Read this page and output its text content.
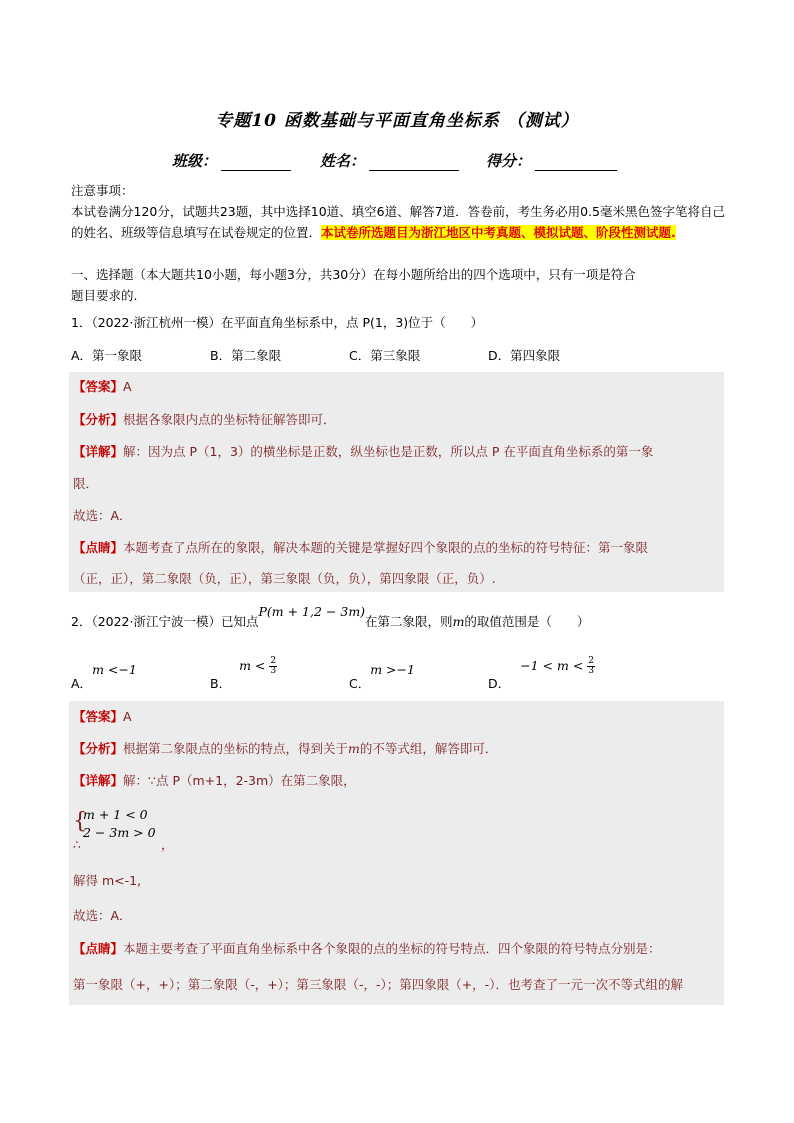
专题10 函数基础与平面直角坐标系 （测试）
班级：	姓名：	得分：
注意事项：
本试卷满分120分，试题共23题，其中选择10道、填空6道、解答7道．答卷前，考生务必用0.5毫米黑色签字笔将自己的姓名、班级等信息填写在试卷规定的位置．本试卷所选题目为浙江地区中考真题、模拟试题、阶段性测试题.
一、选择题（本大题共10小题，每小题3分，共30分）在每小题所给出的四个选项中，只有一项是符合
题目要求的.
1．（2022·浙江杭州一模）在平面直角坐标系中，点 P(1，3)位于（　　）
A．第一象限	B．第二象限	C．第三象限	D．第四象限
【答案】A
【分析】根据各象限内点的坐标特征解答即可．
【详解】解：因为点 P（1，3）的横坐标是正数，纵坐标也是正数，所以点 P 在平面直角坐标系的第一象
限．
故选：A．
【点睛】本题考查了点所在的象限，解决本题的关键是掌握好四个象限的点的坐标的符号特征：第一象限
（正，正），第二象限（负，正），第三象限（负，负），第四象限（正，负）.
2．（2022·浙江宁波一模）已知点P(m + 1,2 − 3m)在第二象限，则m的取值范围是（　　）
A．m <−1
B．$m < \frac{2}{3}$
C．m >−1
D．$-1 < m < \frac{2}{3}$
【答案】A
【分析】根据第二象限点的坐标的特点，得到关于m的不等式组，解答即可．
【详解】解：∵点 P（m+1，2-3m）在第二象限，
{
m + 1 < 0
2 − 3m > 0
∴	，
解得 m<-1,
故选：A．
【点睛】本题主要考查了平面直角坐标系中各个象限的点的坐标的符号特点．四个象限的符号特点分别是：
第一象限（+，+）；第二象限（-，+）；第三象限（-，-）；第四象限（+，-）．也考查了一元一次不等式组的解
